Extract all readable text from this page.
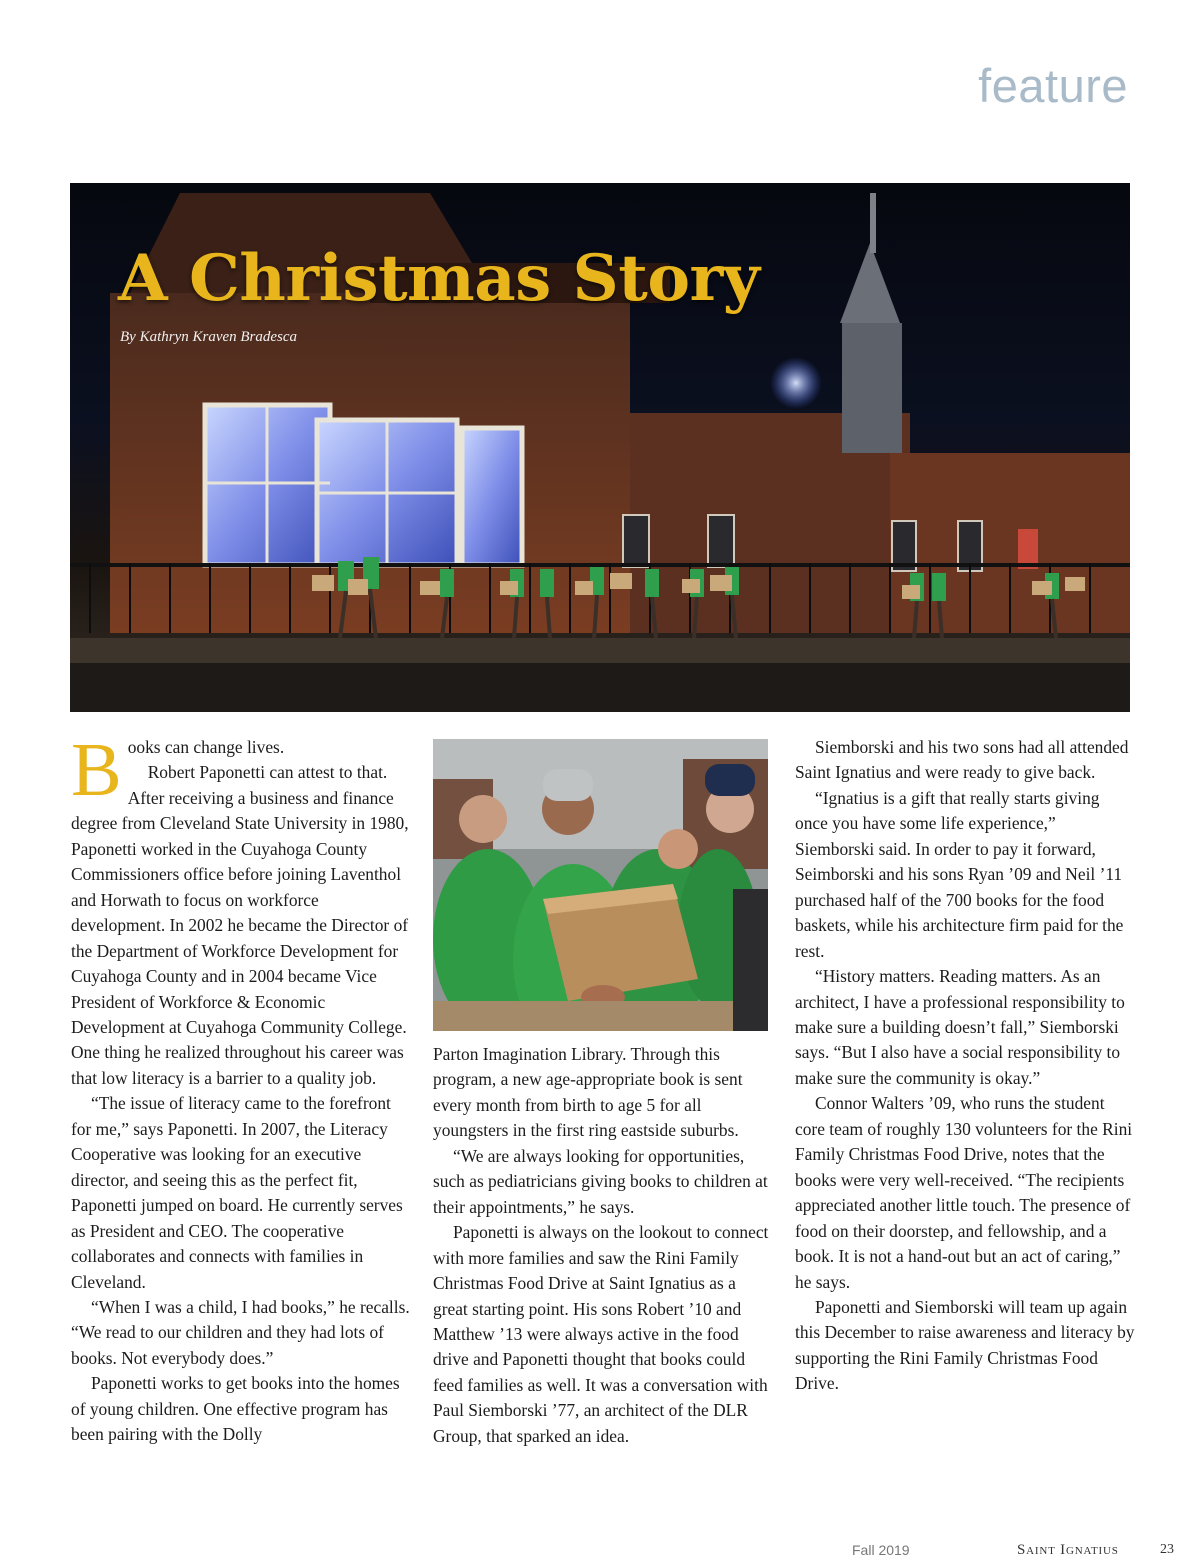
feature
A Christmas Story
By Kathryn Kraven Bradesca

Books can change lives.

Robert Paponetti can attest to that. After receiving a business and finance degree from Cleveland State University in 1980, Paponetti worked in the Cuyahoga County Commissioners office before joining Laventhol and Horwath to focus on workforce development. In 2002 he became the Director of the Department of Workforce Development for Cuyahoga County and in 2004 became Vice President of Workforce & Economic Development at Cuyahoga Community College. One thing he realized throughout his career was that low literacy is a barrier to a quality job.

“The issue of literacy came to the forefront for me,” says Paponetti. In 2007, the Literacy Cooperative was looking for an executive director, and seeing this as the perfect fit, Paponetti jumped on board. He currently serves as President and CEO. The cooperative collaborates and connects with families in Cleveland.

“When I was a child, I had books,” he recalls. “We read to our children and they had lots of books. Not everybody does.”

Paponetti works to get books into the homes of young children. One effective program has been pairing with the Dolly

Parton Imagination Library. Through this program, a new age-appropriate book is sent every month from birth to age 5 for all youngsters in the first ring eastside suburbs.

“We are always looking for opportunities, such as pediatricians giving books to children at their appointments,” he says.

Paponetti is always on the lookout to connect with more families and saw the Rini Family Christmas Food Drive at Saint Ignatius as a great starting point. His sons Robert ’10 and Matthew ’13 were always active in the food drive and Paponetti thought that books could feed families as well. It was a conversation with Paul Siemborski ’77, an architect of the DLR Group, that sparked an idea.

Siemborski and his two sons had all attended Saint Ignatius and were ready to give back.

“Ignatius is a gift that really starts giving once you have some life experience,” Siemborski said. In order to pay it forward, Seimborski and his sons Ryan ’09 and Neil ’11 purchased half of the 700 books for the food baskets, while his architecture firm paid for the rest.

“History matters. Reading matters. As an architect, I have a professional responsibility to make sure a building doesn’t fall,” Siemborski says. “But I also have a social responsibility to make sure the community is okay.”

Connor Walters ’09, who runs the student core team of roughly 130 volunteers for the Rini Family Christmas Food Drive, notes that the books were very well-received. “The recipients appreciated another little touch. The presence of food on their doorstep, and fellowship, and a book. It is not a hand-out but an act of caring,” he says.

Paponetti and Siemborski will team up again this December to raise awareness and literacy by supporting the Rini Family Christmas Food Drive.

Fall 2019	Saint Ignatius	23
